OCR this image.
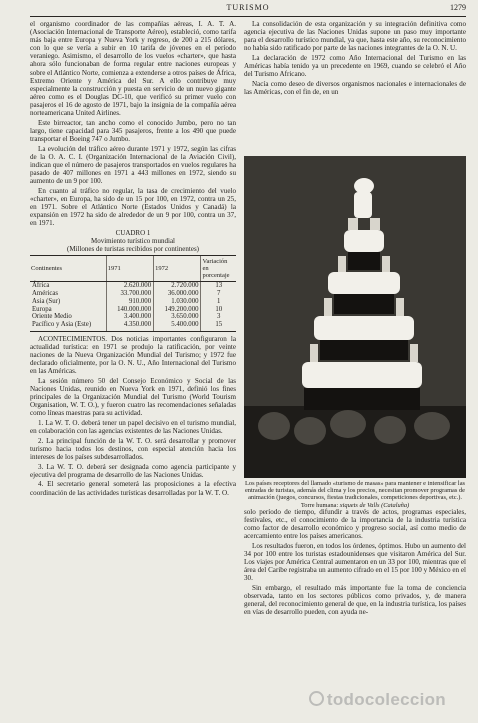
TURISMO	1279

el organismo coordinador de las compañías aéreas, I. A. T. A. (Asociación Internacional de Transporte Aéreo), estableció, como tarifa más baja entre Europa y Nueva York y regreso, de 200 a 215 dólares, con lo que se vería a subir en 10 tarifa de jóvenes en el período veraniego. Asimismo, el desarrollo de los vuelos «charter», que hasta ahora sólo funcionaban de forma regular entre naciones europeas y sobre el Atlántico Norte, comienza a extenderse a otros países de África, Extremo Oriente y América del Sur. A ello contribuye muy especialmente la construcción y puesta en servicio de un nuevo gigante aéreo como es el Douglas DC-10, que verificó su primer vuelo con pasajeros el 16 de agosto de 1971, bajo la insignia de la compañía aérea norteamericana United Airlines.

Este birreactor, tan ancho como el conocido Jumbo, pero no tan largo, tiene capacidad para 345 pasajeros, frente a los 490 que puede transportar el Boeing 747 o Jumbo.

La evolución del tráfico aéreo durante 1971 y 1972, según las cifras de la O. A. C. I. (Organización Internacional de la Aviación Civil), indican que el número de pasajeros transportados en vuelos regulares ha pasado de 407 millones en 1971 a 443 millones en 1972, siendo su aumento de un 9 por 100.

En cuanto al tráfico no regular, la tasa de crecimiento del vuelo «charter», en Europa, ha sido de un 15 por 100, en 1972, contra un 25, en 1971. Sobre el Atlántico Norte (Estados Unidos y Canadá) la expansión en 1972 ha sido de alrededor de un 9 por 100, contra un 37, en 1971.

CUADRO 1
Movimiento turístico mundial
(Millones de turistas recibidos por continentes)
Continentes	1971	1972	Variación en porcentaje
África	2.620.000	2.720.000	13
Américas	33.700.000	36.000.000	7
Asia (Sur)	910.000	1.030.000	1
Europa	140.000.000	149.200.000	10
Oriente Medio	3.400.000	3.650.000	3
Pacífico y Asia (Este)	4.350.000	5.400.000	15

ACONTECIMIENTOS. Dos noticias importantes configuraron la actualidad turística: en 1971 se produjo la ratificación, por veinte naciones de la Nueva Organización Mundial del Turismo; y 1972 fue declarado oficialmente, por la O. N. U., Año Internacional del Turismo en las Américas.

La sesión número 50 del Consejo Económico y Social de las Naciones Unidas, reunido en Nueva York en 1971, definió los fines principales de la Organización Mundial del Turismo (World Tourism Organisation, W. T. O.), y fueron cuatro las recomendaciones señaladas como líneas maestras para su actividad.

1. La W. T. O. deberá tener un papel decisivo en el turismo mundial, en colaboración con las agencias existentes de las Naciones Unidas.

2. La principal función de la W. T. O. será desarrollar y promover turismo hacia todos los destinos, con especial atención hacia los intereses de los países subdesarrollados.

3. La W. T. O. deberá ser designada como agencia participante y ejecutiva del programa de desarrollo de las Naciones Unidas.

4. El secretario general someterá las proposiciones a la efectiva coordinación de las actividades turísticas desarrolladas por la W. T. O.

La consolidación de esta organización y su integración definitiva como agencia ejecutiva de las Naciones Unidas supone un paso muy importante para el desarrollo turístico mundial, ya que, hasta este año, su reconocimiento no había sido ratificado por parte de las naciones integrantes de la O. N. U.

La declaración de 1972 como Año Internacional del Turismo en las Américas había tenido ya un precedente en 1969, cuando se celebró el Año del Turismo Africano.

Nacía como deseo de diversos organismos nacionales e internacionales de las Américas, con el fin de, en un

Los países receptores del llamado «turismo de masas» para mantener e intensificar las entradas de turistas, además del clima y los precios, necesitan promover programas de animación (juegos, concursos, fiestas tradicionales, competiciones deportivas, etc.). Torre humana: xiquets de Valls (Cataluña)

solo período de tiempo, difundir a través de actos, programas especiales, festivales, etc., el conocimiento de la importancia de la industria turística como factor de desarrollo económico y progreso social, así como medio de acercamiento entre los países americanos.

Los resultados fueron, en todos los órdenes, óptimos. Hubo un aumento del 34 por 100 entre los turistas estadounidenses que visitaron América del Sur. Los viajes por América Central aumentaron en un 33 por 100, mientras que el área del Caribe registraba un aumento cifrado en el 15 por 100 y México en el 30.

Sin embargo, el resultado más importante fue la toma de conciencia observada, tanto en los sectores públicos como privados, y, de manera general, del reconocimiento general de que, en la industria turística, los países en vías de desarrollo pueden, con ayuda ne-

todocoleccion
